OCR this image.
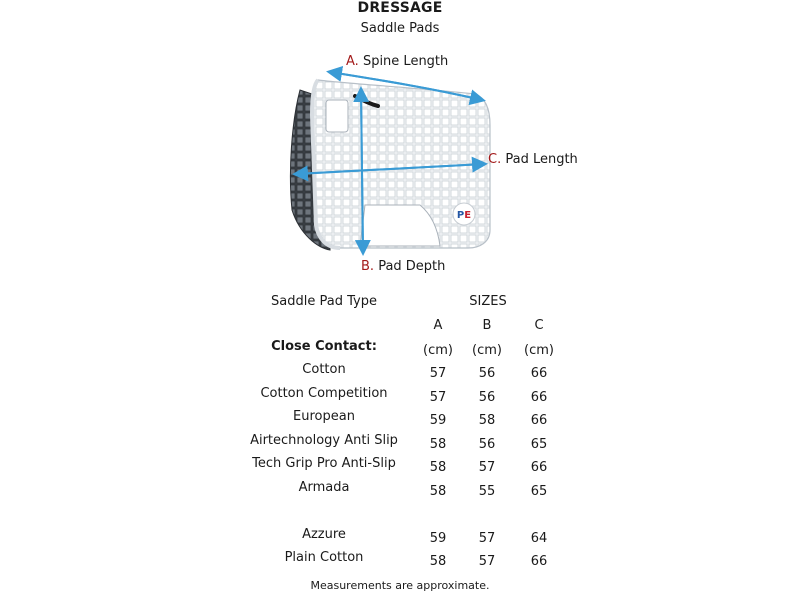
DRESSAGE
Saddle Pads
PE
A. Spine Length
B. Pad Depth
C. Pad Length
Saddle Pad Type	SIZES
A	B	C
Close Contact:	(cm) (cm) (cm)
Cotton	57 56	66
Cotton Competition	57 56	66
European	59 58	66
Airtechnology Anti Slip 58 56	65
Tech Grip Pro Anti-Slip	58 57	66
Armada	58 55	65
Azzure	59 57	64
Plain Cotton	58 57	66
Measurements are approximate.
